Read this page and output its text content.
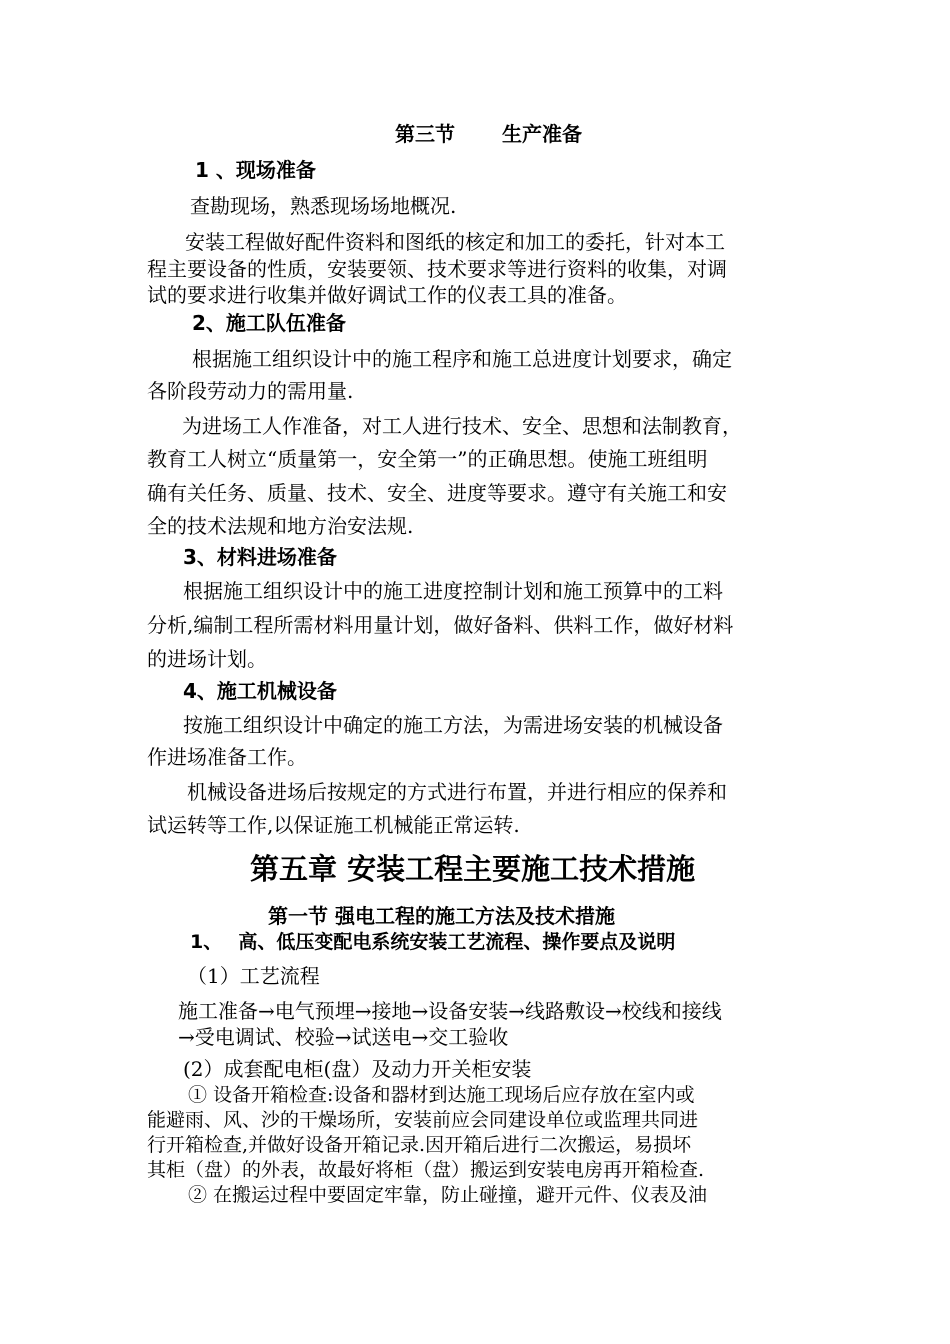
第三节 　　生产准备

1 、现场准备

查勘现场，熟悉现场场地概况.

安装工程做好配件资料和图纸的核定和加工的委托，针对本工

程主要设备的性质，安装要领、技术要求等进行资料的收集，对调

试的要求进行收集并做好调试工作的仪表工具的准备。

2、施工队伍准备

根据施工组织设计中的施工程序和施工总进度计划要求，确定

各阶段劳动力的需用量.

为进场工人作准备，对工人进行技术、安全、思想和法制教育，

教育工人树立“质量第一，安全第一”的正确思想。使施工班组明

确有关任务、质量、技术、安全、进度等要求。遵守有关施工和安

全的技术法规和地方治安法规.

3、材料进场准备

根据施工组织设计中的施工进度控制计划和施工预算中的工料

分析,编制工程所需材料用量计划，做好备料、供料工作，做好材料

的进场计划。

4、施工机械设备

按施工组织设计中确定的施工方法，为需进场安装的机械设备

作进场准备工作。

机械设备进场后按规定的方式进行布置，并进行相应的保养和

试运转等工作,以保证施工机械能正常运转.

第五章 安装工程主要施工技术措施

第一节 强电工程的施工方法及技术措施

1、　 高、低压变配电系统安装工艺流程、操作要点及说明

（1）工艺流程

施工准备→电气预埋→接地→设备安装→线路敷设→校线和接线

→受电调试、校验→试送电→交工验收

(2）成套配电柜(盘）及动力开关柜安装

① 设备开箱检查:设备和器材到达施工现场后应存放在室内或

能避雨、风、沙的干燥场所，安装前应会同建设单位或监理共同进

行开箱检查,并做好设备开箱记录.因开箱后进行二次搬运，易损坏

其柜（盘）的外表，故最好将柜（盘）搬运到安装电房再开箱检查.

② 在搬运过程中要固定牢靠，防止碰撞，避开元件、仪表及油
